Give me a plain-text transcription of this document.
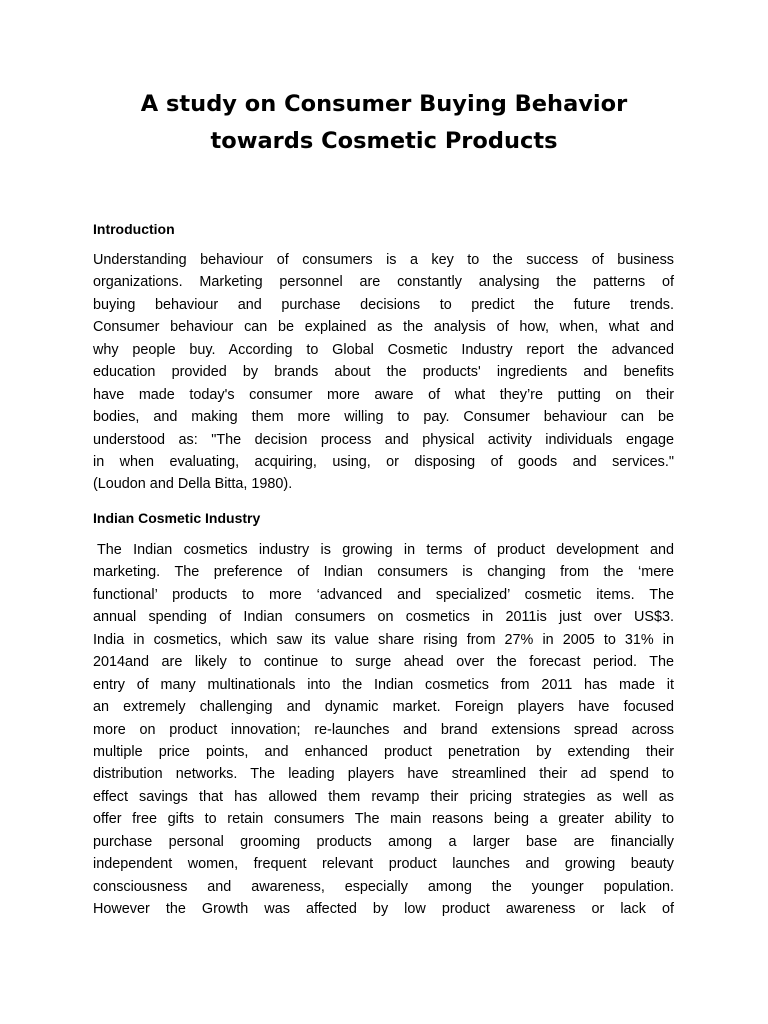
A study on Consumer Buying Behavior
towards Cosmetic Products
Introduction
Understanding behaviour of consumers is a key to the success of business
organizations. Marketing personnel are constantly analysing the patterns of
buying behaviour and purchase decisions to predict the future trends.
Consumer behaviour can be explained as the analysis of how, when, what and
why people buy. According to Global Cosmetic Industry report the advanced
education provided by brands about the products' ingredients and benefits
have made today's consumer more aware of what they’re putting on their
bodies, and making them more willing to pay. Consumer behaviour can be
understood as: "The decision process and physical activity individuals engage
in when evaluating, acquiring, using, or disposing of goods and services."
(Loudon and Della Bitta, 1980).
Indian Cosmetic Industry
The Indian cosmetics industry is growing in terms of product development and
marketing. The preference of Indian consumers is changing from the ‘mere
functional’ products to more ‘advanced and specialized’ cosmetic items. The
annual spending of Indian consumers on cosmetics in 2011is just over US$3.
India in cosmetics, which saw its value share rising from 27% in 2005 to 31% in
2014and are likely to continue to surge ahead over the forecast period. The
entry of many multinationals into the Indian cosmetics from 2011 has made it
an extremely challenging and dynamic market. Foreign players have focused
more on product innovation; re-launches and brand extensions spread across
multiple price points, and enhanced product penetration by extending their
distribution networks. The leading players have streamlined their ad spend to
effect savings that has allowed them revamp their pricing strategies as well as
offer free gifts to retain consumers The main reasons being a greater ability to
purchase personal grooming products among a larger base are financially
independent women, frequent relevant product launches and growing beauty
consciousness and awareness, especially among the younger population.
However the Growth was affected by low product awareness or lack of
